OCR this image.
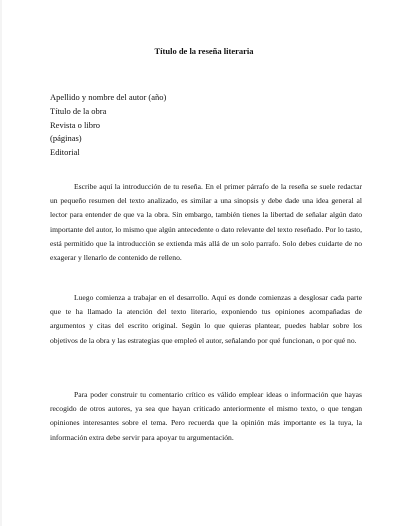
Título de la reseña literaria
Apellido y nombre del autor (año)
Título de la obra
Revista o libro
(páginas)
Editorial

Escribe aquí la introducción de tu reseña. En el primer párrafo de la reseña se suele redactar un pequeño resumen del texto analizado, es similar a una sinopsis y debe dade una idea general al lector para entender de que va la obra. Sin embargo, también tienes la libertad de señalar algún dato importante del autor, lo mismo que algún antecedente o dato relevante del texto reseñado. Por lo tasto, está permitido que la introducción se extienda más allá de un solo parrafo. Solo debes cuidarte de no exagerar y llenarlo de contenido de relleno.

Luego comienza a trabajar en el desarrollo. Aquí es donde comienzas a desglosar cada parte que te ha llamado la atención del texto literario, exponiendo tus opiniones acompañadas de argumentos y citas del escrito original. Según lo que quieras plantear, puedes hablar sobre los objetivos de la obra y las estrategias que empleó el autor, señalando por qué funcionan, o por qué no.

Para poder construir tu comentario crítico es válido emplear ideas o información que hayas recogido de otros autores, ya sea que hayan criticado anteriormente el mismo texto, o que tengan opiniones interesantes sobre el tema. Pero recuerda que la opinión más importante es la tuya, la información extra debe servir para apoyar tu argumentación.
